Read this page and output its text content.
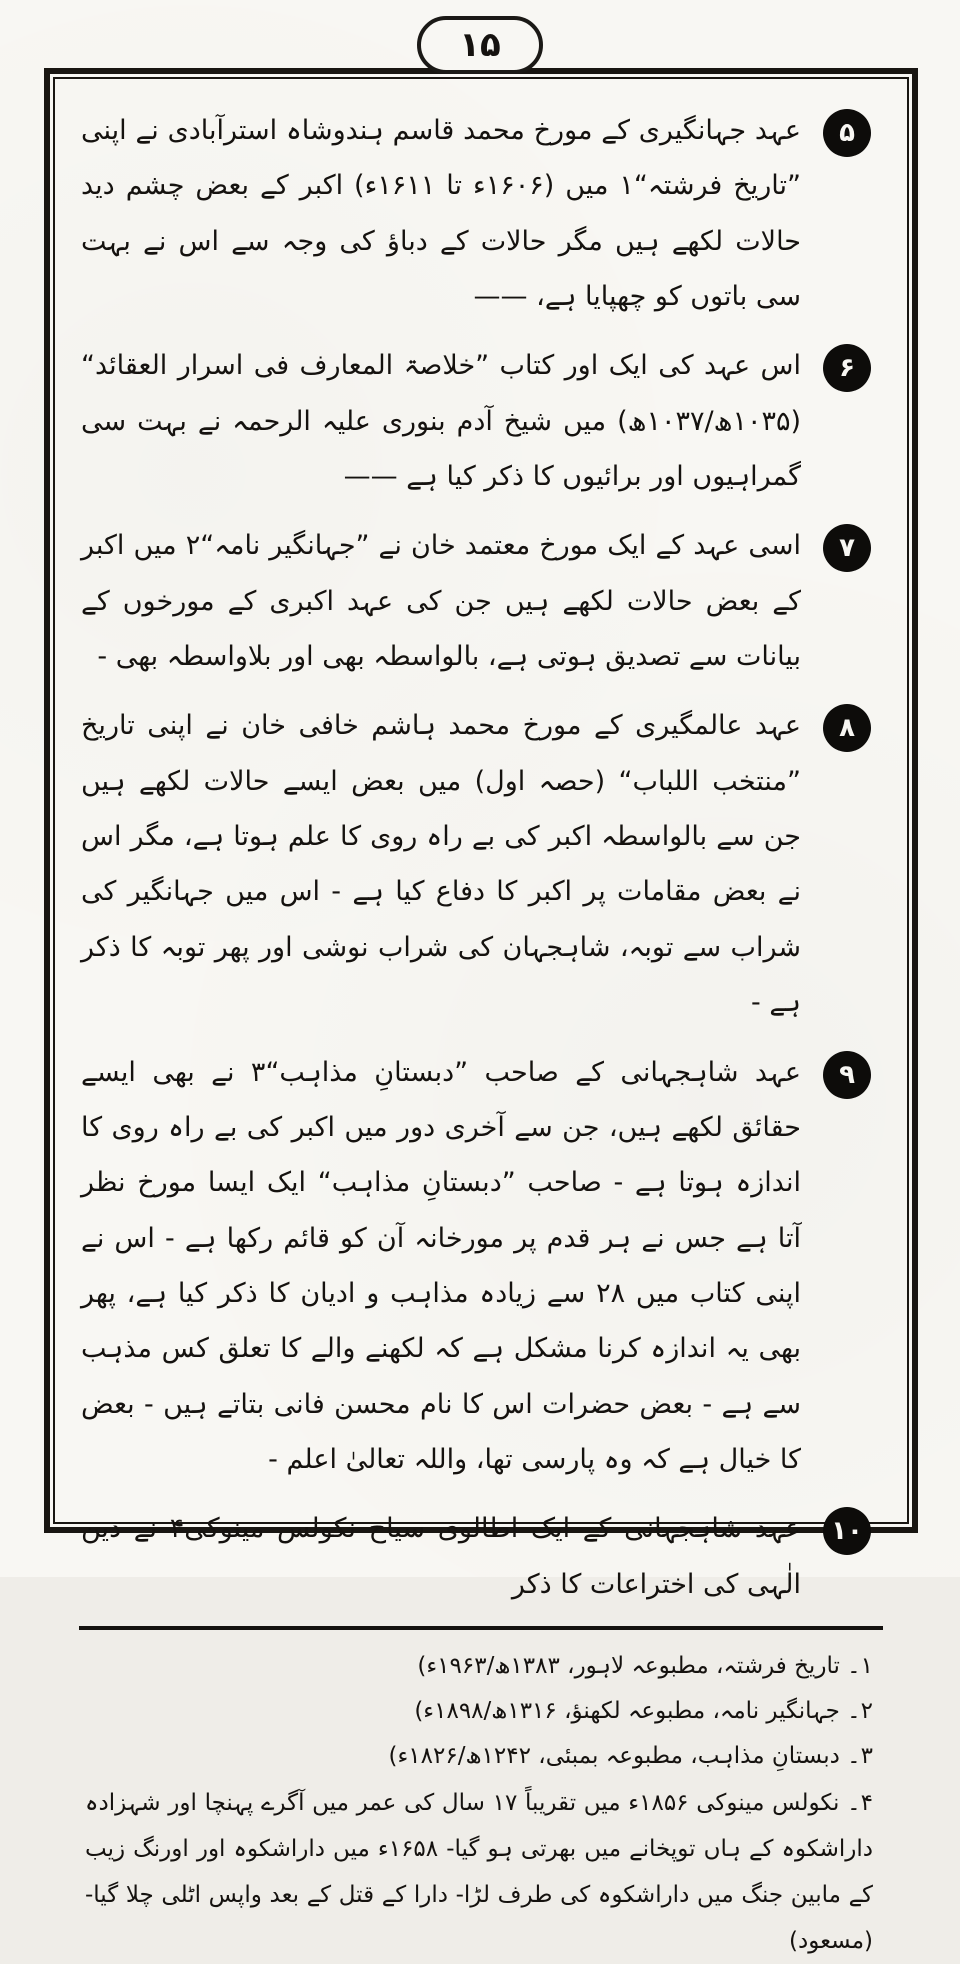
۱۵
۵
عہد جہانگیری کے مورخ محمد قاسم ہندوشاہ استرآبادی نے اپنی ”تاریخ فرشتہ“۱ میں (۱۶۰۶ء تا ۱۶۱۱ء) اکبر کے بعض چشم دید حالات لکھے ہیں مگر حالات کے دباؤ کی وجہ سے اس نے بہت سی باتوں کو چھپایا ہے، ——
۶
اس عہد کی ایک اور کتاب ”خلاصۃ المعارف فی اسرار العقائد“ (۱۰۳۵ھ/۱۰۳۷ھ) میں شیخ آدم بنوری علیہ الرحمہ نے بہت سی گمراہیوں اور برائیوں کا ذکر کیا ہے ——
۷
اسی عہد کے ایک مورخ معتمد خان نے ”جہانگیر نامہ“۲ میں اکبر کے بعض حالات لکھے ہیں جن کی عہد اکبری کے مورخوں کے بیانات سے تصدیق ہوتی ہے، بالواسطہ بھی اور بلاواسطہ بھی -
۸
عہد عالمگیری کے مورخ محمد ہاشم خافی خان نے اپنی تاریخ ”منتخب اللباب“ (حصہ اول) میں بعض ایسے حالات لکھے ہیں جن سے بالواسطہ اکبر کی بے راہ روی کا علم ہوتا ہے، مگر اس نے بعض مقامات پر اکبر کا دفاع کیا ہے - اس میں جہانگیر کی شراب سے توبہ، شاہجہان کی شراب نوشی اور پھر توبہ کا ذکر ہے -
۹
عہد شاہجہانی کے صاحب ”دبستانِ مذاہب“۳ نے بھی ایسے حقائق لکھے ہیں، جن سے آخری دور میں اکبر کی بے راہ روی کا اندازہ ہوتا ہے - صاحب ”دبستانِ مذاہب“ ایک ایسا مورخ نظر آتا ہے جس نے ہر قدم پر مورخانہ آن کو قائم رکھا ہے - اس نے اپنی کتاب میں ۲۸ سے زیادہ مذاہب و ادیان کا ذکر کیا ہے، پھر بھی یہ اندازہ کرنا مشکل ہے کہ لکھنے والے کا تعلق کس مذہب سے ہے - بعض حضرات اس کا نام محسن فانی بتاتے ہیں - بعض کا خیال ہے کہ وہ پارسی تھا، واللہ تعالیٰ اعلم -
۱۰
عہد شاہجہانی کے ایک اطالوی سیاح نکولس مینوکی۴ نے دین الٰہی کی اختراعات کا ذکر
۱۔ تاریخ فرشتہ، مطبوعہ لاہور، ۱۳۸۳ھ/۱۹۶۳ء)
۲۔ جہانگیر نامہ، مطبوعہ لکھنؤ، ۱۳۱۶ھ/۱۸۹۸ء)
۳۔ دبستانِ مذاہب، مطبوعہ بمبئی، ۱۲۴۲ھ/۱۸۲۶ء)
۴۔ نکولس مینوکی ۱۸۵۶ء میں تقریباً ۱۷ سال کی عمر میں آگرے پہنچا اور شہزادہ داراشکوہ کے ہاں توپخانے میں بھرتی ہو گیا- ۱۶۵۸ء میں داراشکوہ اور اورنگ زیب کے مابین جنگ میں داراشکوہ کی طرف لڑا- دارا کے قتل کے بعد واپس اٹلی چلا گیا- (مسعود)
